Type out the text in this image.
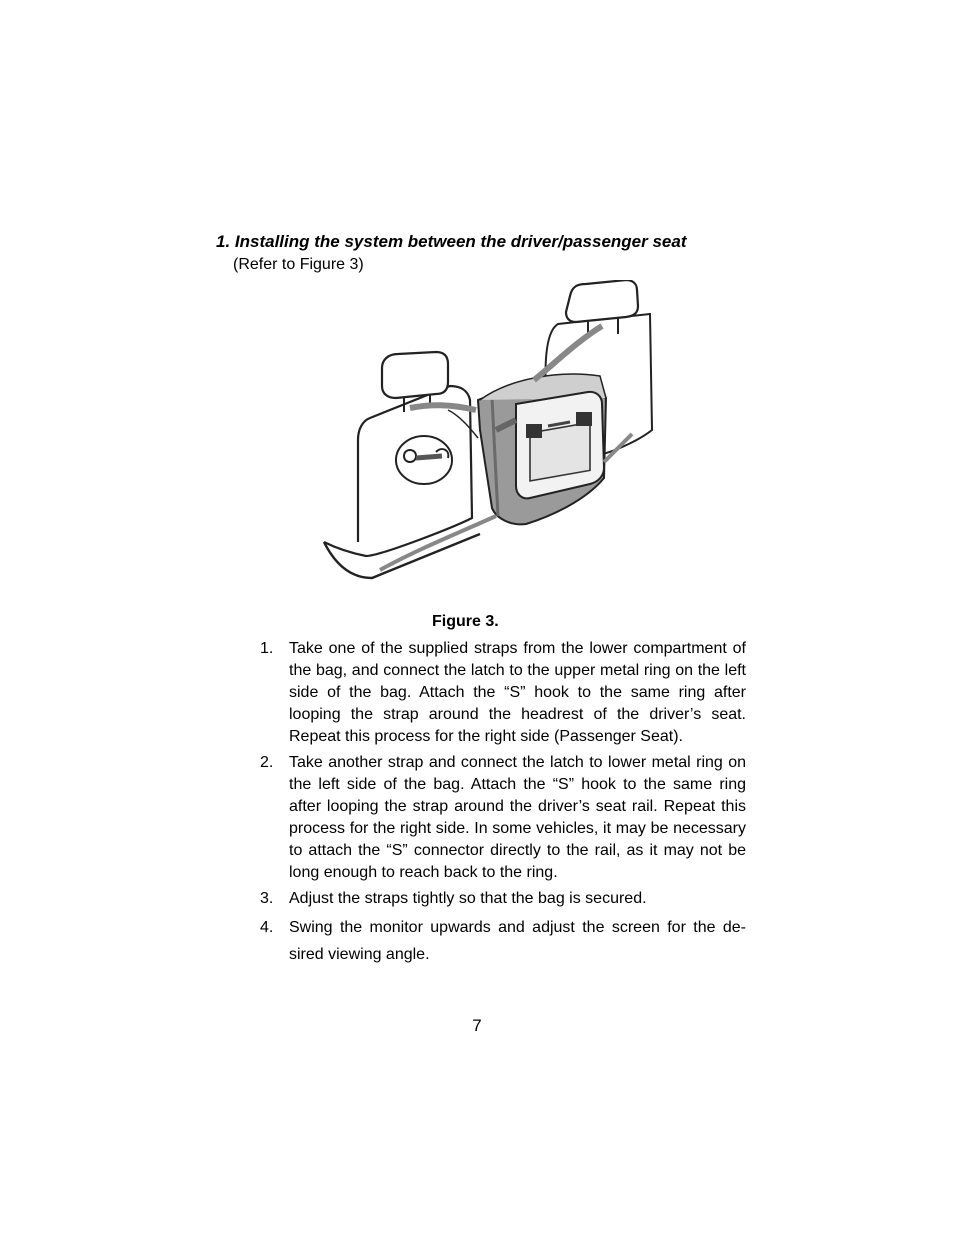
1. Installing the system between the driver/passenger seat
(Refer to Figure 3)
Figure 3.
1. Take one of the supplied straps from the lower compartment of the bag, and connect the latch to the upper metal ring on the left side of the bag. Attach the “S” hook to the same ring after looping the strap around the headrest of the driver’s seat. Repeat this process for the right side (Passenger Seat).
2. Take another strap and connect the latch to lower metal ring on the left side of the bag. Attach the “S” hook to the same ring after looping the strap around the driver’s seat rail. Repeat this process for the right side. In some vehicles, it may be necessary to attach the “S” connector directly to the rail, as it may not be long enough to reach back to the ring.
3. Adjust the straps tightly so that the bag is secured.
4. Swing the monitor upwards and adjust the screen for the de-sired viewing angle.
7
